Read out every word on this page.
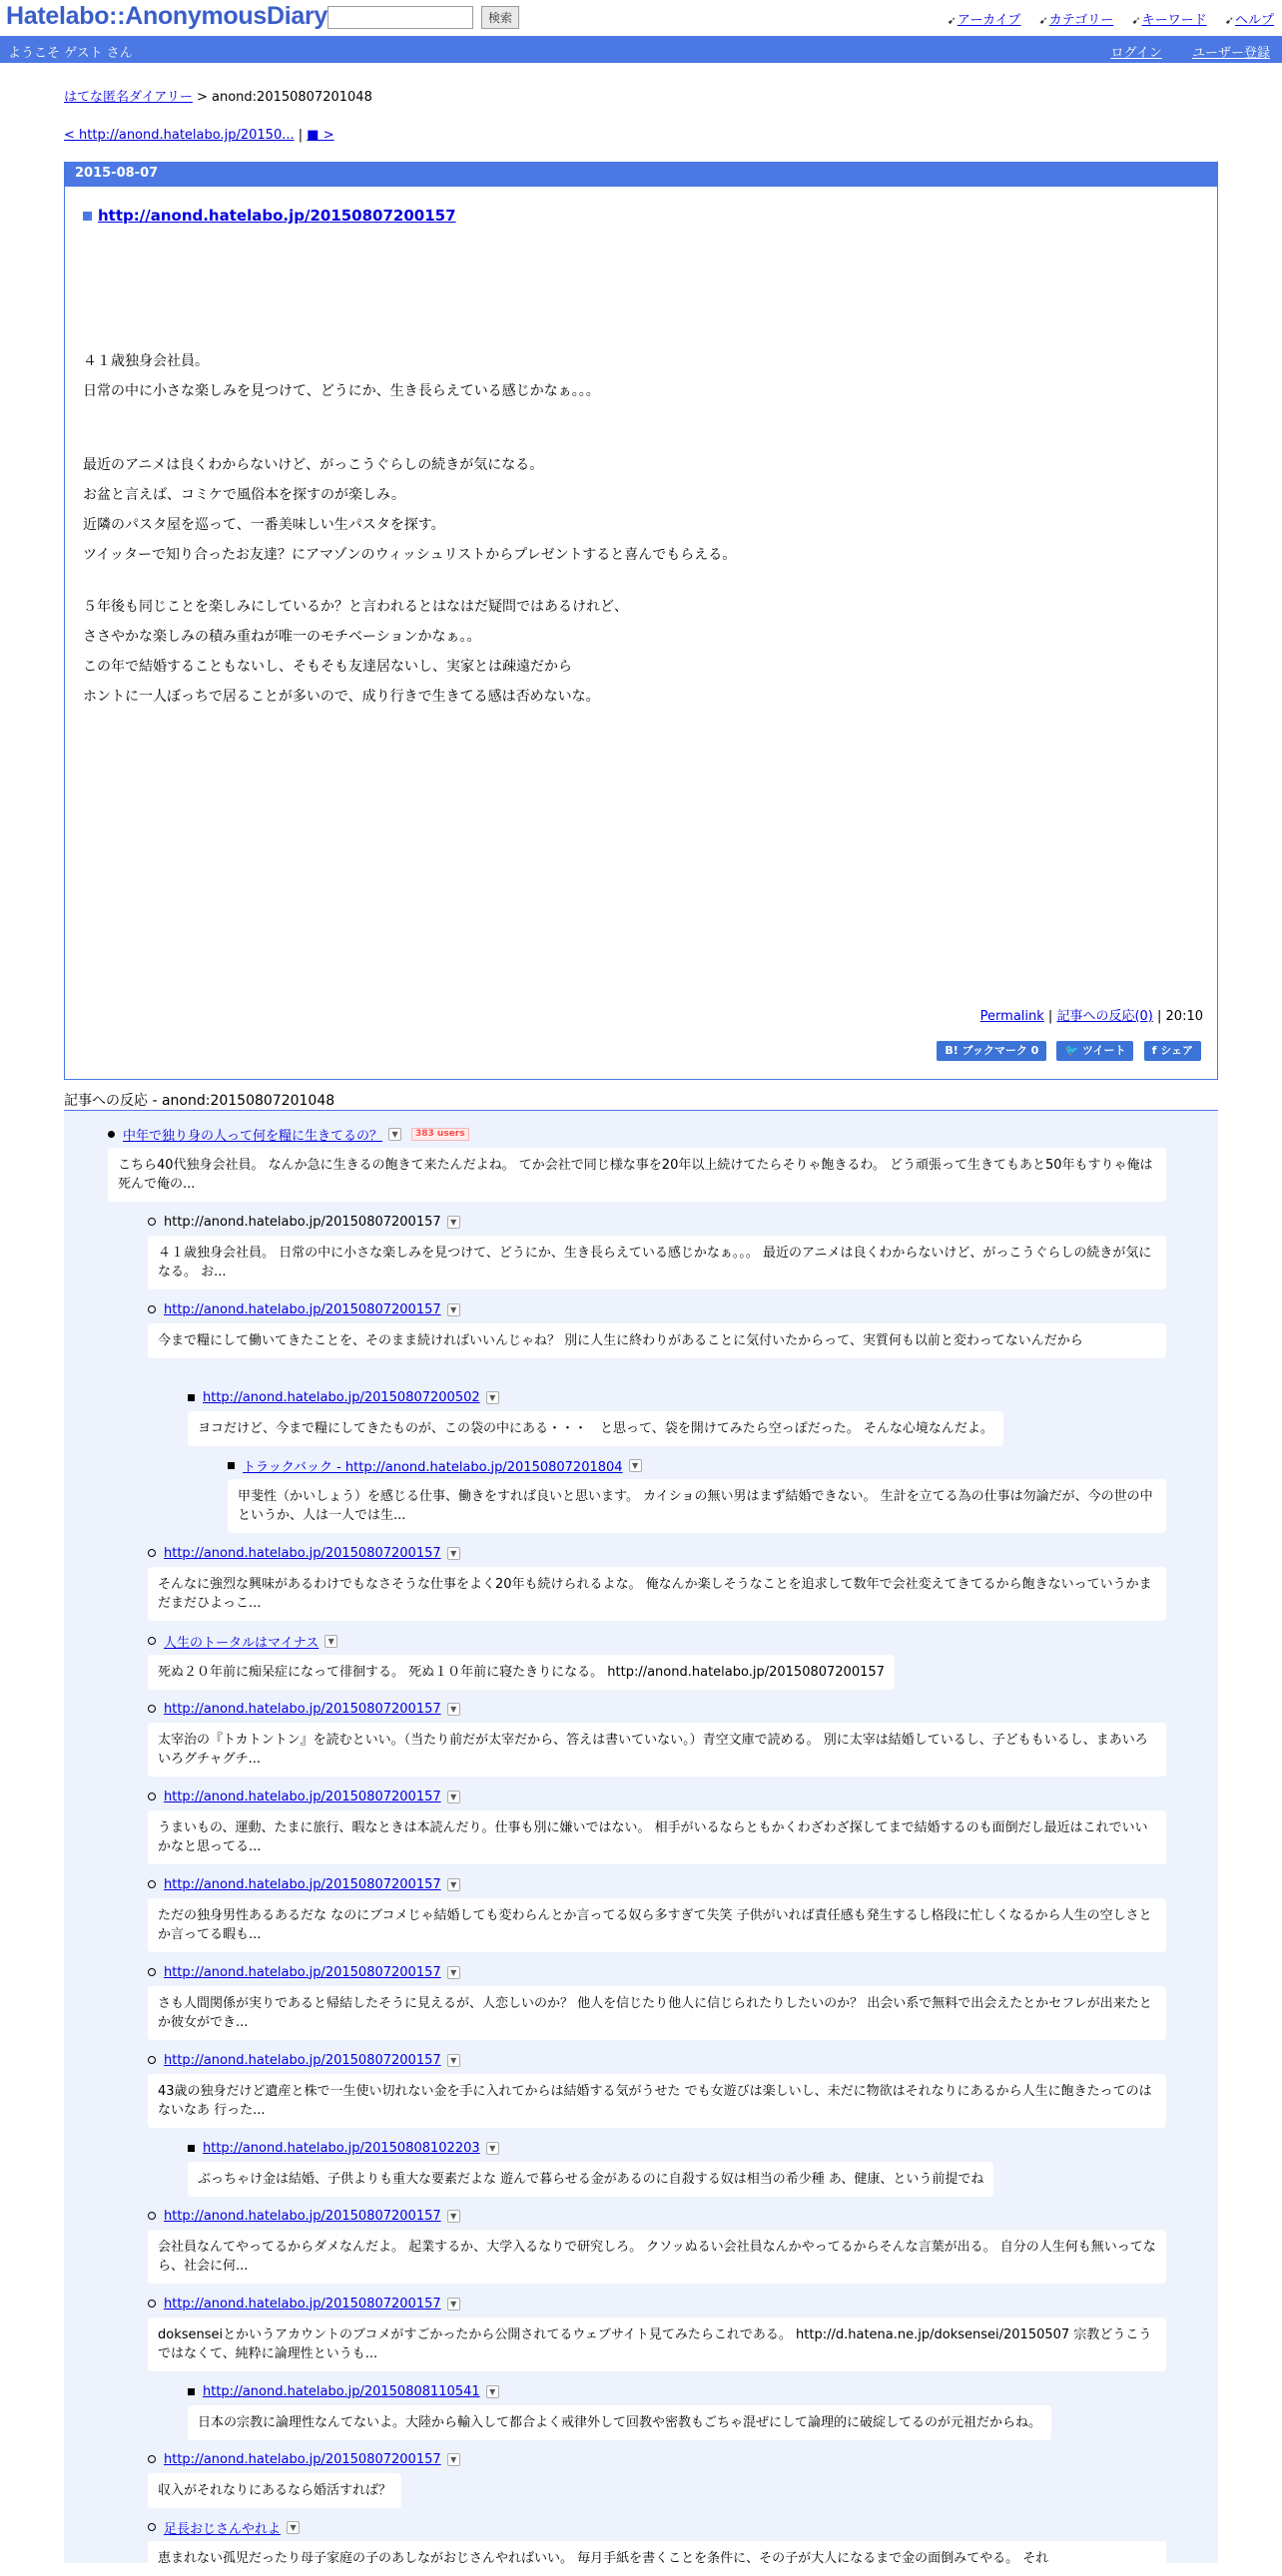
Hatelabo::AnonymousDiary	検索	➹アーカイブ ➹カテゴリー ➹キーワード ➹ヘルプ
ようこそ ゲスト さん	ログイン ユーザー登録
はてな匿名ダイアリー > anond:20150807201048
< http://anond.hatelabo.jp/20150... | ■ >
2015-08-07
http://anond.hatelabo.jp/20150807200157

４１歳独身会社員。

日常の中に小さな楽しみを見つけて、どうにか、生き長らえている感じかなぁ。。。

最近のアニメは良くわからないけど、がっこうぐらしの続きが気になる。

お盆と言えば、コミケで風俗本を探すのが楽しみ。

近隣のパスタ屋を巡って、一番美味しい生パスタを探す。

ツイッターで知り合ったお友達？にアマゾンのウィッシュリストからプレゼントすると喜んでもらえる。

５年後も同じことを楽しみにしているか？と言われるとはなはだ疑問ではあるけれど、

ささやかな楽しみの積み重ねが唯一のモチベーションかなぁ。。

この年で結婚することもないし、そもそも友達居ないし、実家とは疎遠だから

ホントに一人ぼっちで居ることが多いので、成り行きで生きてる感は否めないな。

Permalink | 記事への反応(0) | 20:10
B! ブックマーク 0 🐦 ツイート f シェア
記事への反応 - anond:20150807201048
中年で独り身の人って何を糧に生きてるの？	▼	383 users
こちら40代独身会社員。 なんか急に生きるの飽きて来たんだよね。 てか会社で同じ様な事を20年以上続けてたらそりゃ飽きるわ。 どう頑張って生きてもあと50年もすりゃ俺は死んで俺の...
http://anond.hatelabo.jp/20150807200157	▼
４１歳独身会社員。 日常の中に小さな楽しみを見つけて、どうにか、生き長らえている感じかなぁ。。。 最近のアニメは良くわからないけど、がっこうぐらしの続きが気になる。 お...
http://anond.hatelabo.jp/20150807200157	▼
今まで糧にして働いてきたことを、そのまま続ければいいんじゃね？ 別に人生に終わりがあることに気付いたからって、実質何も以前と変わってないんだから
http://anond.hatelabo.jp/20150807200502	▼
ヨコだけど、今まで糧にしてきたものが、この袋の中にある・・・　と思って、袋を開けてみたら空っぽだった。 そんな心境なんだよ。
トラックバック - http://anond.hatelabo.jp/20150807201804	▼
甲斐性（かいしょう）を感じる仕事、働きをすれば良いと思います。 カイショの無い男はまず結婚できない。 生計を立てる為の仕事は勿論だが、今の世の中というか、人は一人では生...
http://anond.hatelabo.jp/20150807200157	▼
そんなに強烈な興味があるわけでもなさそうな仕事をよく20年も続けられるよな。 俺なんか楽しそうなことを追求して数年で会社変えてきてるから飽きないっていうかまだまだひよっこ...
人生のトータルはマイナス	▼
死ぬ２０年前に痴呆症になって徘徊する。 死ぬ１０年前に寝たきりになる。 http://anond.hatelabo.jp/20150807200157
http://anond.hatelabo.jp/20150807200157	▼
太宰治の『トカトントン』を読むといい。（当たり前だが太宰だから、答えは書いていない。）青空文庫で読める。 別に太宰は結婚しているし、子どももいるし、まあいろいろグチャグチ...
http://anond.hatelabo.jp/20150807200157	▼
うまいもの、運動、たまに旅行、暇なときは本読んだり。仕事も別に嫌いではない。 相手がいるならともかくわざわざ探してまで結婚するのも面倒だし最近はこれでいいかなと思ってる...
http://anond.hatelabo.jp/20150807200157	▼
ただの独身男性あるあるだな なのにブコメじゃ結婚しても変わらんとか言ってる奴ら多すぎて失笑 子供がいれば責任感も発生するし格段に忙しくなるから人生の空しさとか言ってる暇も...
http://anond.hatelabo.jp/20150807200157	▼
さも人間関係が実りであると帰結したそうに見えるが、人恋しいのか？ 他人を信じたり他人に信じられたりしたいのか？ 出会い系で無料で出会えたとかセフレが出来たとか彼女ができ...
http://anond.hatelabo.jp/20150807200157	▼
43歳の独身だけど遺産と株で一生使い切れない金を手に入れてからは結婚する気がうせた でも女遊びは楽しいし、未だに物欲はそれなりにあるから人生に飽きたってのはないなあ 行った...
http://anond.hatelabo.jp/20150808102203	▼
ぶっちゃけ金は結婚、子供よりも重大な要素だよな 遊んで暮らせる金があるのに自殺する奴は相当の希少種 あ、健康、という前提でね
http://anond.hatelabo.jp/20150807200157	▼
会社員なんてやってるからダメなんだよ。 起業するか、大学入るなりで研究しろ。 クソッぬるい会社員なんかやってるからそんな言葉が出る。 自分の人生何も無いってなら、社会に何...
http://anond.hatelabo.jp/20150807200157	▼
doksenseiとかいうアカウントのブコメがすごかったから公開されてるウェブサイト見てみたらこれである。 http://d.hatena.ne.jp/doksensei/20150507 宗教どうこうではなくて、純粋に論理性というも...
http://anond.hatelabo.jp/20150808110541	▼
日本の宗教に論理性なんてないよ。大陸から輸入して都合よく戒律外して回教や密教もごちゃ混ぜにして論理的に破綻してるのが元祖だからね。
http://anond.hatelabo.jp/20150807200157	▼
収入がそれなりにあるなら婚活すれば？
足長おじさんやれよ	▼
恵まれない孤児だったり母子家庭の子のあしながおじさんやればいい。 毎月手紙を書くことを条件に、その子が大人になるまで金の面倒みてやる。 それ
